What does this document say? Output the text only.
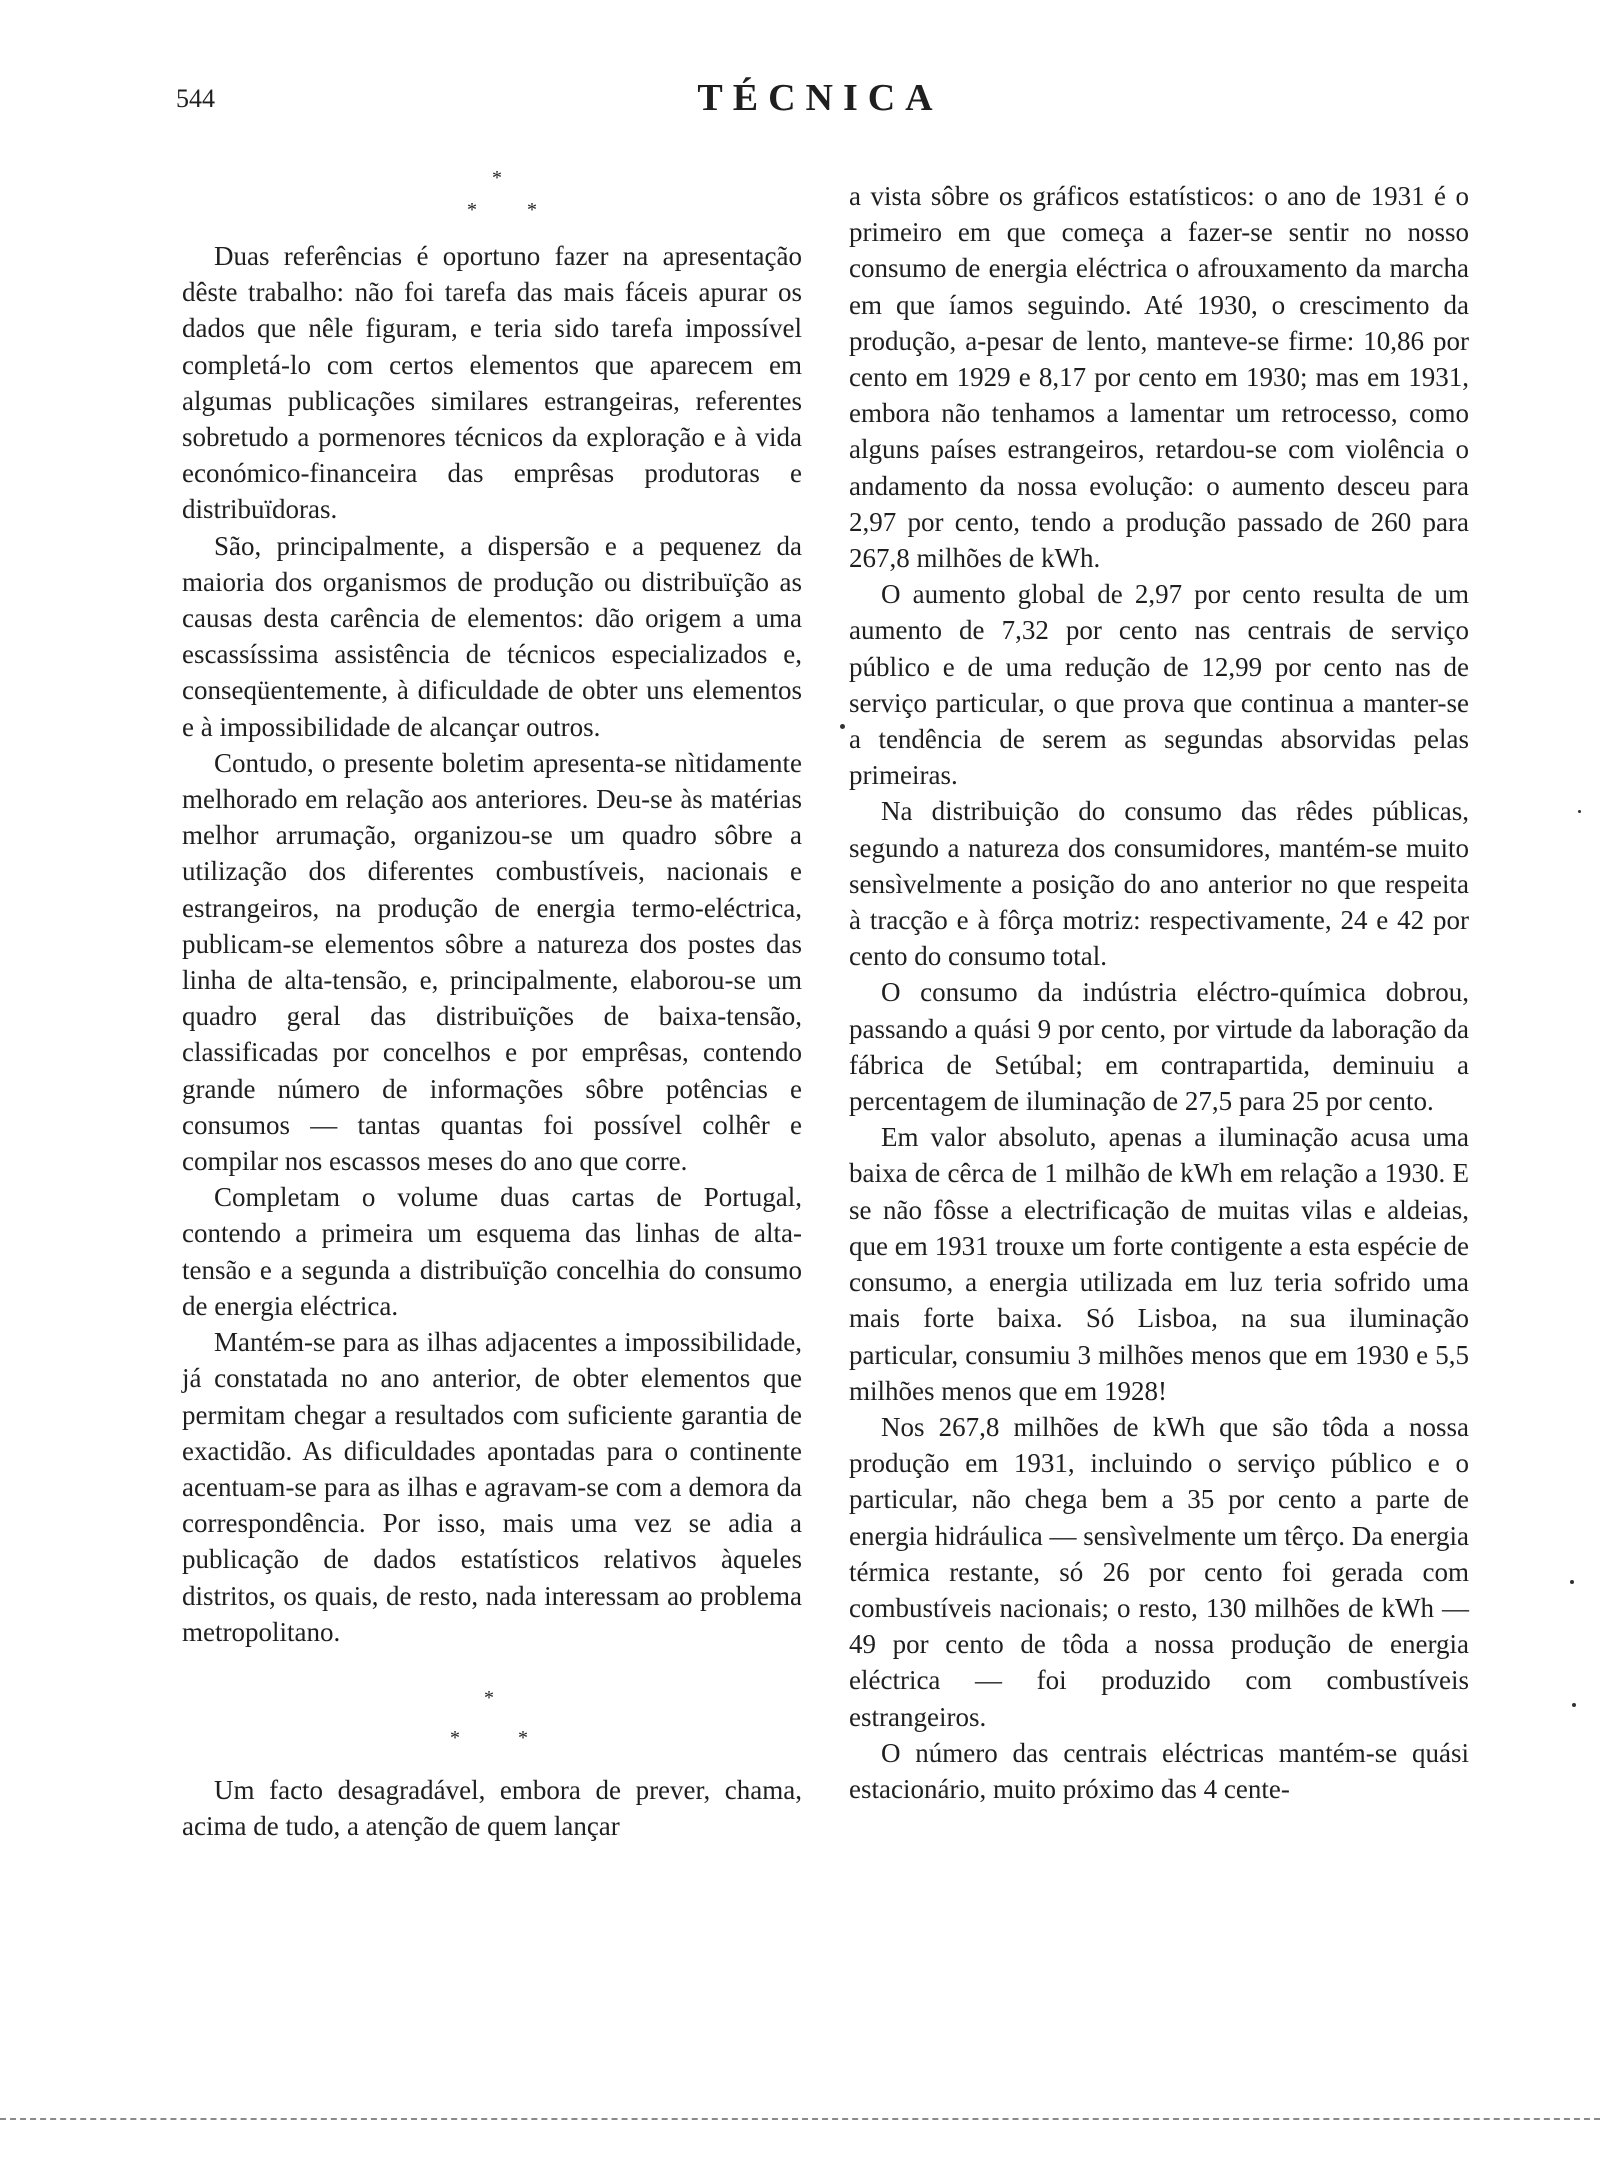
544	TÉCNICA
*
*	*

Duas referências é oportuno fazer na apresentação dêste trabalho: não foi tarefa das mais fáceis apurar os dados que nêle figuram, e teria sido tarefa impossível completá-lo com certos elementos que aparecem em algumas publicações similares estrangeiras, referentes sobretudo a pormenores técnicos da exploração e à vida económico-financeira das emprêsas produtoras e distribuïdoras.

São, principalmente, a dispersão e a pequenez da maioria dos organismos de produção ou distribuïção as causas desta carência de elementos: dão origem a uma escassíssima assistência de técnicos especializados e, conseqüentemente, à dificuldade de obter uns elementos e à impossibilidade de alcançar outros.

Contudo, o presente boletim apresenta-se nìtidamente melhorado em relação aos anteriores. Deu-se às matérias melhor arrumação, organizou-se um quadro sôbre a utilização dos diferentes combustíveis, nacionais e estrangeiros, na produção de energia termo-eléctrica, publicam-se elementos sôbre a natureza dos postes das linha de alta-tensão, e, principalmente, elaborou-se um quadro geral das distribuïções de baixa-tensão, classificadas por concelhos e por emprêsas, contendo grande número de informações sôbre potências e consumos — tantas quantas foi possível colhêr e compilar nos escassos meses do ano que corre.

Completam o volume duas cartas de Portugal, contendo a primeira um esquema das linhas de alta-tensão e a segunda a distribuïção concelhia do consumo de energia eléctrica.

Mantém-se para as ilhas adjacentes a impossibilidade, já constatada no ano anterior, de obter elementos que permitam chegar a resultados com suficiente garantia de exactidão. As dificuldades apontadas para o continente acentuam-se para as ilhas e agravam-se com a demora da correspondência. Por isso, mais uma vez se adia a publicação de dados estatísticos relativos àqueles distritos, os quais, de resto, nada interessam ao problema metropolitano.

*
*	*

Um facto desagradável, embora de prever, chama, acima de tudo, a atenção de quem lançar

a vista sôbre os gráficos estatísticos: o ano de 1931 é o primeiro em que começa a fazer-se sentir no nosso consumo de energia eléctrica o afrouxamento da marcha em que íamos seguindo. Até 1930, o crescimento da produção, a-pesar de lento, manteve-se firme: 10,86 por cento em 1929 e 8,17 por cento em 1930; mas em 1931, embora não tenhamos a lamentar um retrocesso, como alguns países estrangeiros, retardou-se com violência o andamento da nossa evolução: o aumento desceu para 2,97 por cento, tendo a produção passado de 260 para 267,8 milhões de kWh.

O aumento global de 2,97 por cento resulta de um aumento de 7,32 por cento nas centrais de serviço público e de uma redução de 12,99 por cento nas de serviço particular, o que prova que continua a manter-se a tendência de serem as segundas absorvidas pelas primeiras.

Na distribuição do consumo das rêdes públicas, segundo a natureza dos consumidores, mantém-se muito sensìvelmente a posição do ano anterior no que respeita à tracção e à fôrça motriz: respectivamente, 24 e 42 por cento do consumo total.

O consumo da indústria eléctro-química dobrou, passando a quási 9 por cento, por virtude da laboração da fábrica de Setúbal; em contrapartida, deminuiu a percentagem de iluminação de 27,5 para 25 por cento.

Em valor absoluto, apenas a iluminação acusa uma baixa de cêrca de 1 milhão de kWh em relação a 1930. E se não fôsse a electrificação de muitas vilas e aldeias, que em 1931 trouxe um forte contigente a esta espécie de consumo, a energia utilizada em luz teria sofrido uma mais forte baixa. Só Lisboa, na sua iluminação particular, consumiu 3 milhões menos que em 1930 e 5,5 milhões menos que em 1928!

Nos 267,8 milhões de kWh que são tôda a nossa produção em 1931, incluindo o serviço público e o particular, não chega bem a 35 por cento a parte de energia hidráulica — sensìvelmente um têrço. Da energia térmica restante, só 26 por cento foi gerada com combustíveis nacionais; o resto, 130 milhões de kWh — 49 por cento de tôda a nossa produção de energia eléctrica — foi produzido com combustíveis estrangeiros.

O número das centrais eléctricas mantém-se quási estacionário, muito próximo das 4 cente-
